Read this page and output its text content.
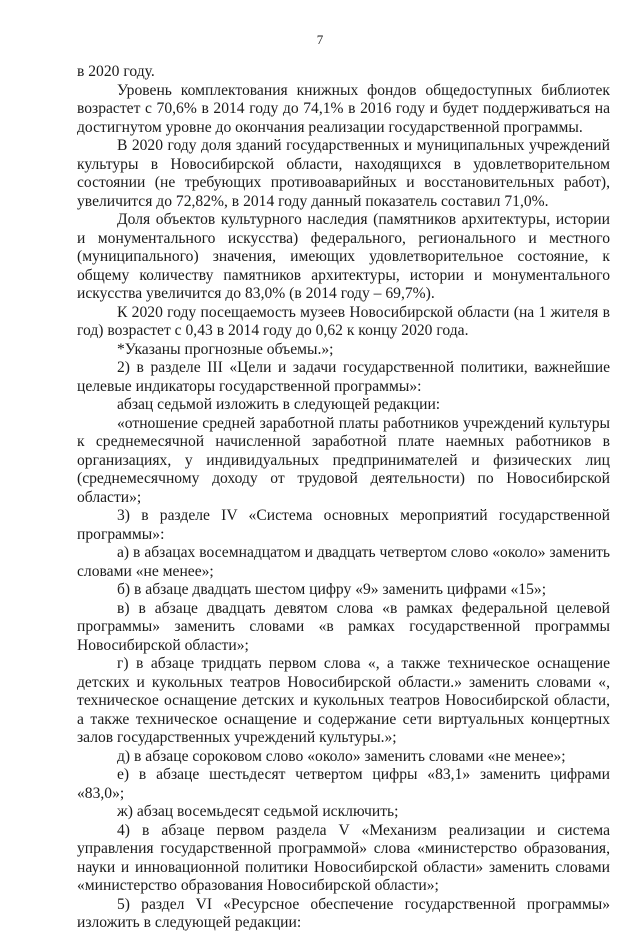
7

в 2020 году.

Уровень комплектования книжных фондов общедоступных библиотек возрастет с 70,6% в 2014 году до 74,1% в 2016 году и будет поддерживаться на достигнутом уровне до окончания реализации государственной программы.

В 2020 году доля зданий государственных и муниципальных учреждений культуры в Новосибирской области, находящихся в удовлетворительном состоянии (не требующих противоаварийных и восстановительных работ), увеличится до 72,82%, в 2014 году данный показатель составил 71,0%.

Доля объектов культурного наследия (памятников архитектуры, истории и монументального искусства) федерального, регионального и местного (муниципального) значения, имеющих удовлетворительное состояние, к общему количеству памятников архитектуры, истории и монументального искусства увеличится до 83,0% (в 2014 году – 69,7%).

К 2020 году посещаемость музеев Новосибирской области (на 1 жителя в год) возрастет с 0,43 в 2014 году до 0,62 к концу 2020 года.

*Указаны прогнозные объемы.»;

2) в разделе III «Цели и задачи государственной политики, важнейшие целевые индикаторы государственной программы»:

абзац седьмой изложить в следующей редакции:

«отношение средней заработной платы работников учреждений культуры к среднемесячной начисленной заработной плате наемных работников в организациях, у индивидуальных предпринимателей и физических лиц (среднемесячному доходу от трудовой деятельности) по Новосибирской области»;

3) в разделе IV «Система основных мероприятий государственной программы»:

а) в абзацах восемнадцатом и двадцать четвертом слово «около» заменить словами «не менее»;

б) в абзаце двадцать шестом цифру «9» заменить цифрами «15»;

в) в абзаце двадцать девятом слова «в рамках федеральной целевой программы» заменить словами «в рамках государственной программы Новосибирской области»;

г) в абзаце тридцать первом слова «, а также техническое оснащение детских и кукольных театров Новосибирской области.» заменить словами «, техническое оснащение детских и кукольных театров Новосибирской области, а также техническое оснащение и содержание сети виртуальных концертных залов государственных учреждений культуры.»;

д) в абзаце сороковом слово «около» заменить словами «не менее»;

е) в абзаце шестьдесят четвертом цифры «83,1» заменить цифрами «83,0»;

ж) абзац восемьдесят седьмой исключить;

4) в абзаце первом раздела V «Механизм реализации и система управления государственной программой» слова «министерство образования, науки и инновационной политики Новосибирской области» заменить словами «министерство образования Новосибирской области»;

5) раздел VI «Ресурсное обеспечение государственной программы» изложить в следующей редакции:
